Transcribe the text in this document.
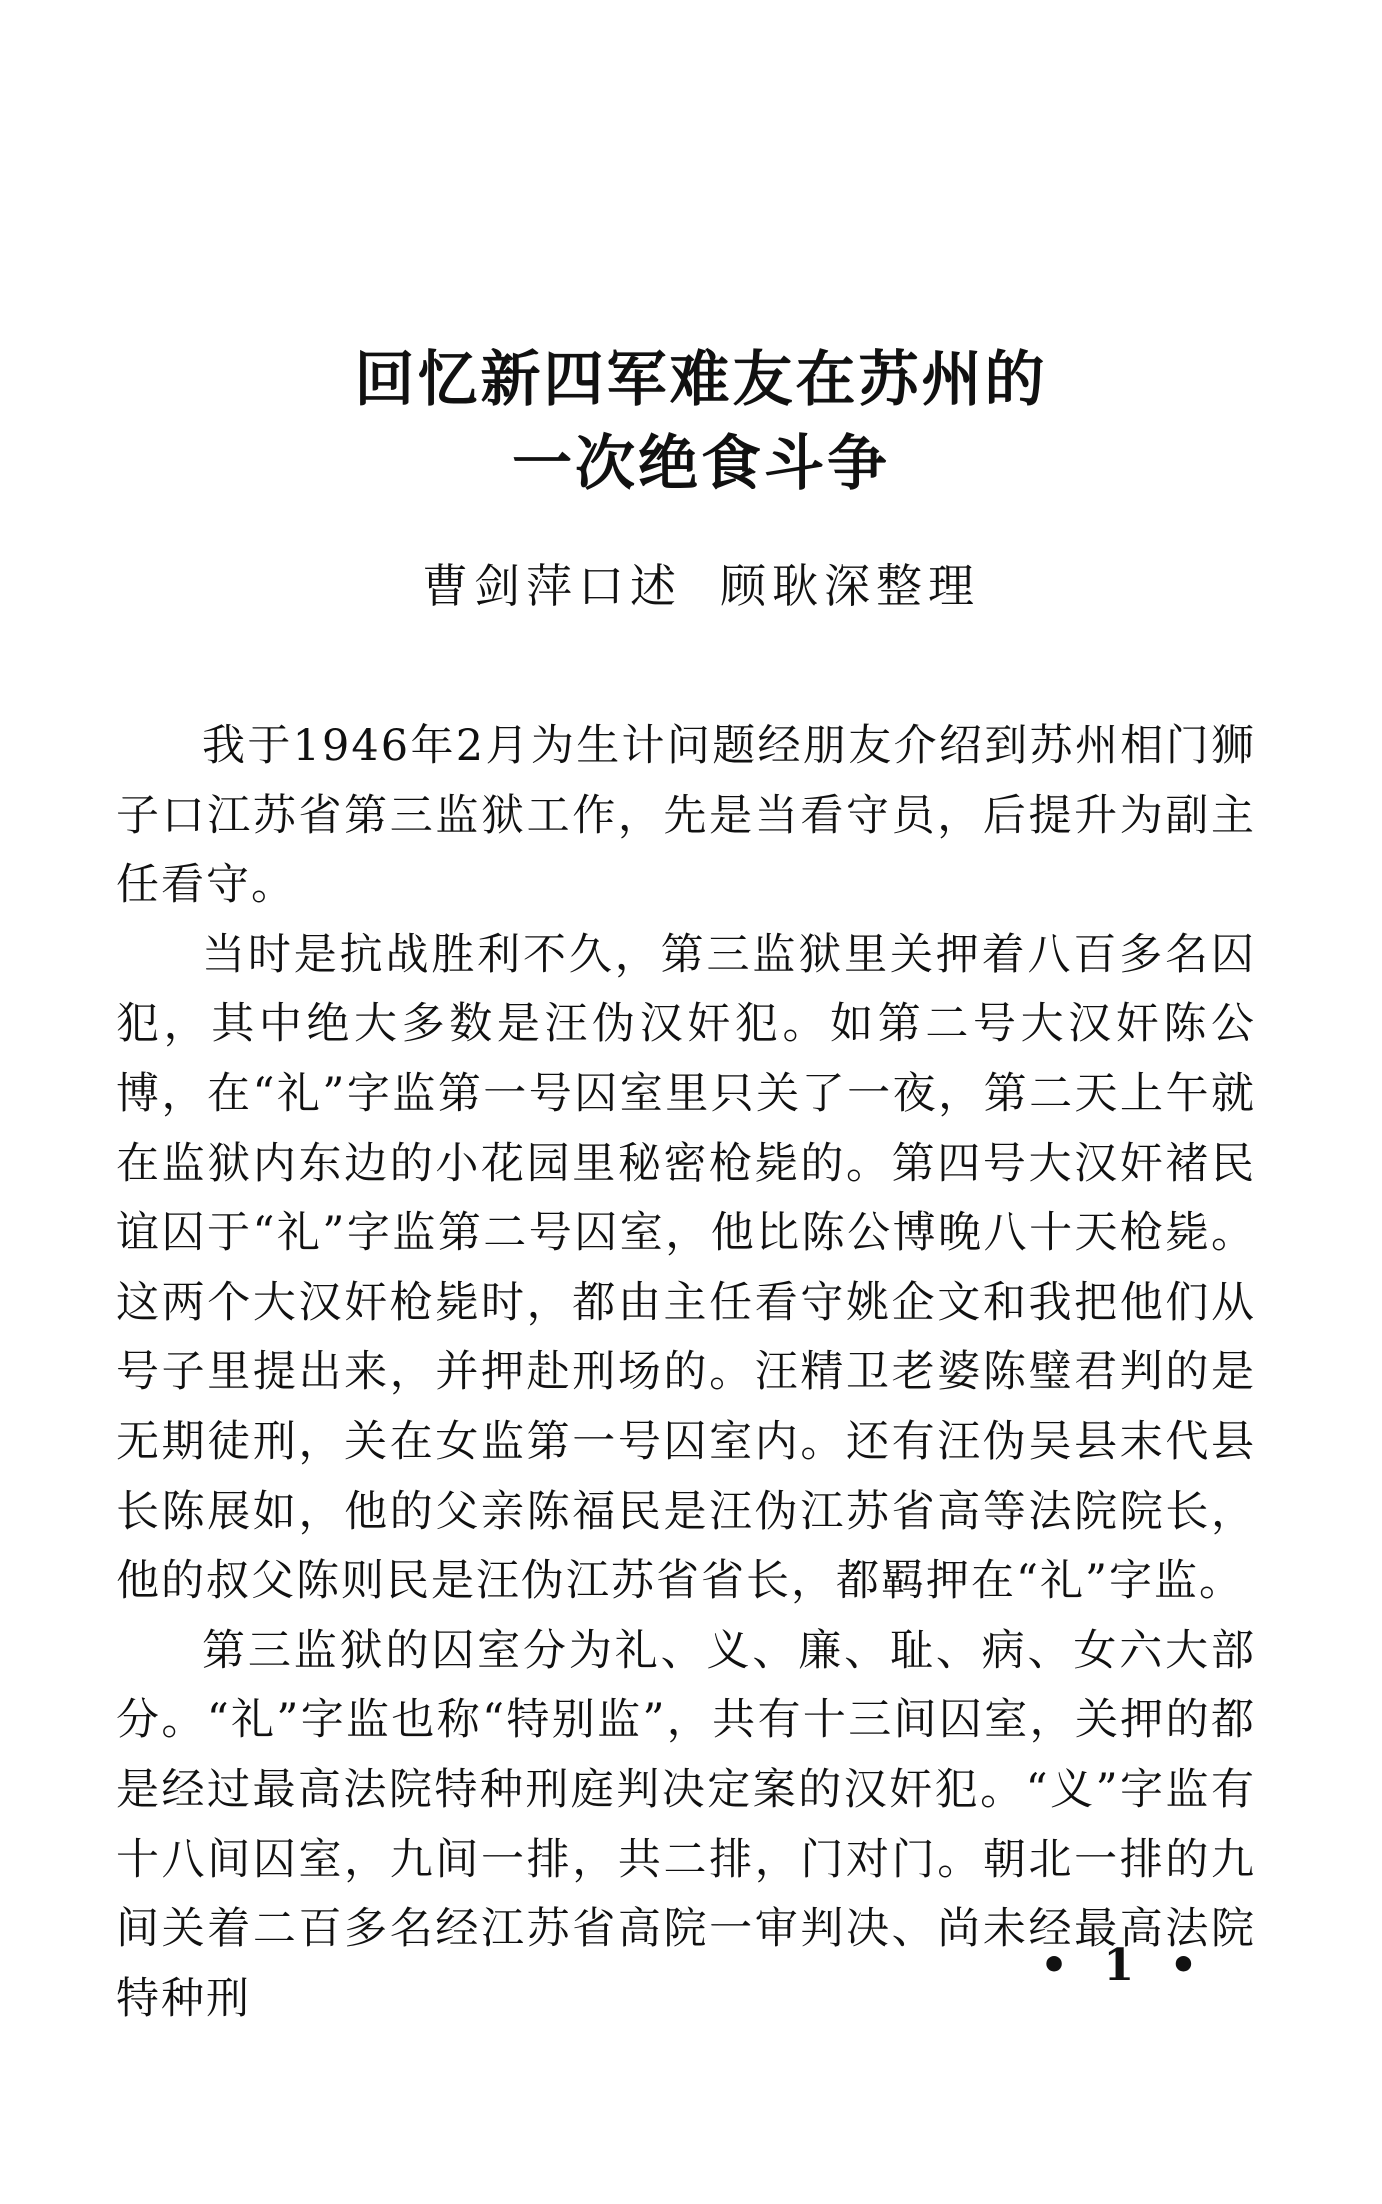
回忆新四军难友在苏州的
一次绝食斗争
曹剑萍口述 顾耿深整理

我于1946年2月为生计问题经朋友介绍到苏州相门狮子口江苏省第三监狱工作，先是当看守员，后提升为副主任看守。

当时是抗战胜利不久，第三监狱里关押着八百多名囚犯，其中绝大多数是汪伪汉奸犯。如第二号大汉奸陈公博，在“礼”字监第一号囚室里只关了一夜，第二天上午就在监狱内东边的小花园里秘密枪毙的。第四号大汉奸褚民谊囚于“礼”字监第二号囚室，他比陈公博晚八十天枪毙。这两个大汉奸枪毙时，都由主任看守姚企文和我把他们从号子里提出来，并押赴刑场的。汪精卫老婆陈璧君判的是无期徒刑，关在女监第一号囚室内。还有汪伪吴县末代县长陈展如，他的父亲陈福民是汪伪江苏省高等法院院长，他的叔父陈则民是汪伪江苏省省长，都羁押在“礼”字监。

第三监狱的囚室分为礼、义、廉、耻、病、女六大部分。“礼”字监也称“特别监”，共有十三间囚室，关押的都是经过最高法院特种刑庭判决定案的汉奸犯。“义”字监有十八间囚室，九间一排，共二排，门对门。朝北一排的九间关着二百多名经江苏省高院一审判决、尚未经最高法院特种刑

• 1 •
